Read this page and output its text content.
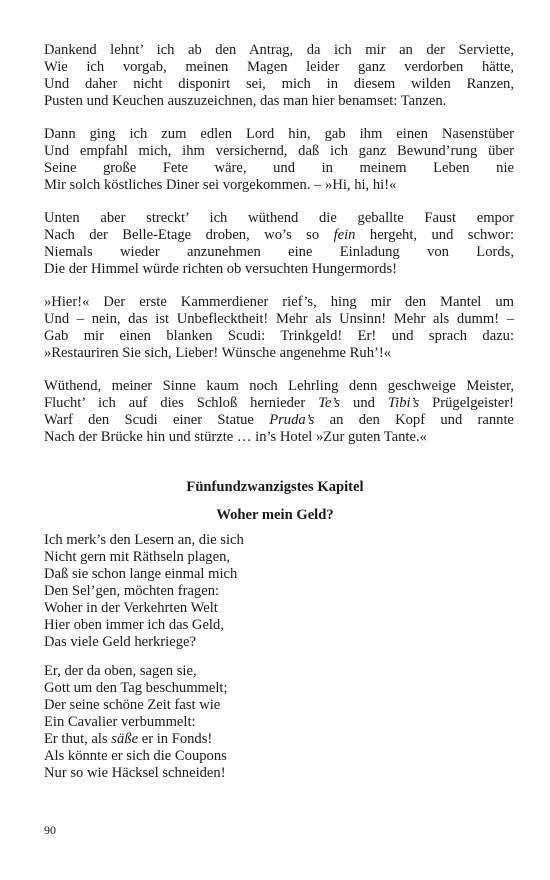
Dankend lehnt’ ich ab den Antrag, da ich mir an der Serviette,
Wie ich vorgab, meinen Magen leider ganz verdorben hätte,
Und daher nicht disponirt sei, mich in diesem wilden Ranzen,
Pusten und Keuchen auszuzeichnen, das man hier benamset: Tanzen.
Dann ging ich zum edlen Lord hin, gab ihm einen Nasenstüber
Und empfahl mich, ihm versichernd, daß ich ganz Bewund’rung über
Seine große Fete wäre, und in meinem Leben nie
Mir solch köstliches Diner sei vorgekommen. – »Hi, hi, hi!«
Unten aber streckt’ ich wüthend die geballte Faust empor
Nach der Belle-Etage droben, wo’s so fein hergeht, und schwor:
Niemals wieder anzunehmen eine Einladung von Lords,
Die der Himmel würde richten ob versuchten Hungermords!
»Hier!« Der erste Kammerdiener rief’s, hing mir den Mantel um
Und – nein, das ist Unbeflecktheit! Mehr als Unsinn! Mehr als dumm! –
Gab mir einen blanken Scudi: Trinkgeld! Er! und sprach dazu:
»Restauriren Sie sich, Lieber! Wünsche angenehme Ruh’!«
Wüthend, meiner Sinne kaum noch Lehrling denn geschweige Meister,
Flucht’ ich auf dies Schloß hernieder Te’s und Tibi’s Prügelgeister!
Warf den Scudi einer Statue Pruda’s an den Kopf und rannte
Nach der Brücke hin und stürzte … in’s Hotel »Zur guten Tante.«
Fünfundzwanzigstes Kapitel
Woher mein Geld?
Ich merk’s den Lesern an, die sich
Nicht gern mit Räthseln plagen,
Daß sie schon lange einmal mich
Den Sel’gen, möchten fragen:
Woher in der Verkehrten Welt
Hier oben immer ich das Geld,
Das viele Geld herkriege?
Er, der da oben, sagen sie,
Gott um den Tag beschummelt;
Der seine schöne Zeit fast wie
Ein Cavalier verbummelt:
Er thut, als säße er in Fonds!
Als könnte er sich die Coupons
Nur so wie Häcksel schneiden!
90
